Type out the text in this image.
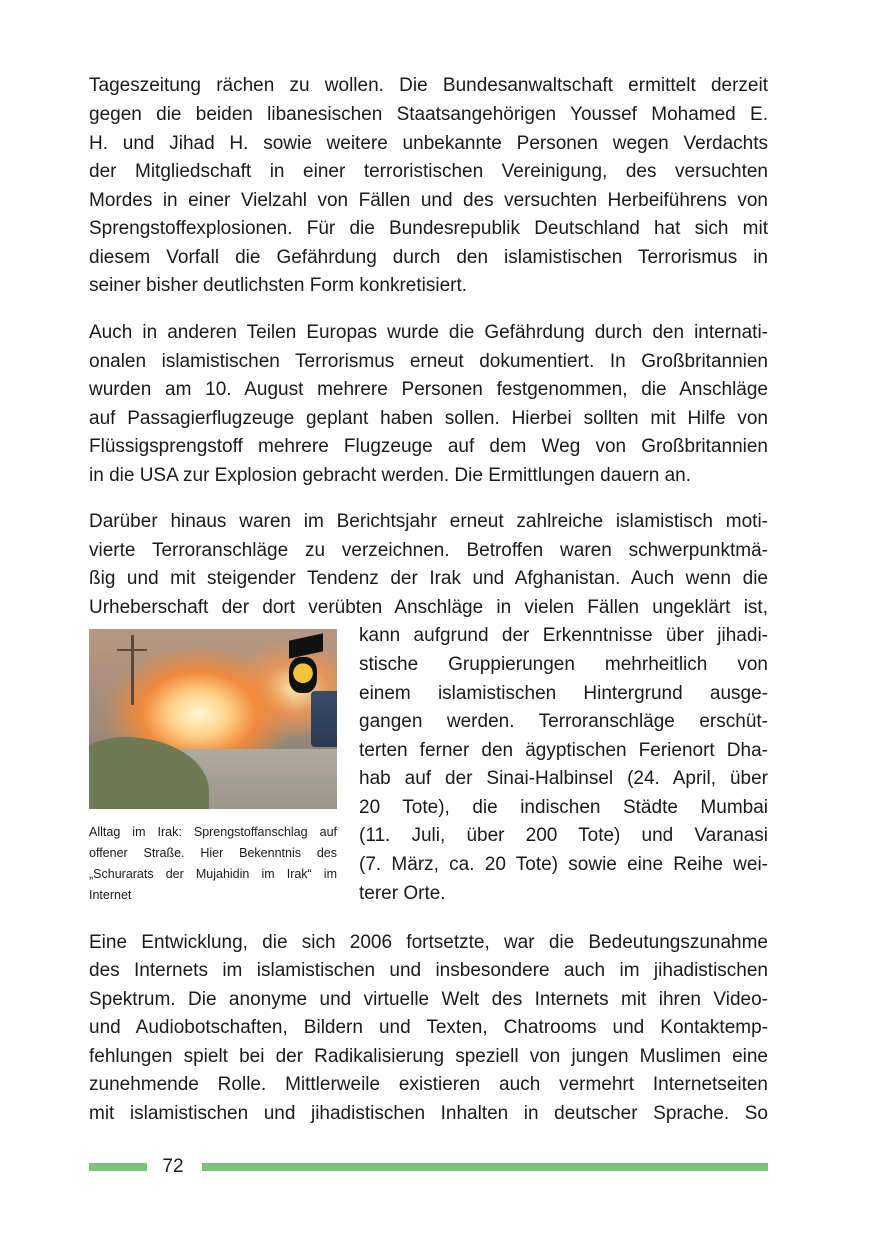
Tageszeitung rächen zu wollen. Die Bundesanwaltschaft ermittelt derzeit
gegen die beiden libanesischen Staatsangehörigen Youssef Mohamed E.
H. und Jihad H. sowie weitere unbekannte Personen wegen Verdachts
der Mitgliedschaft in einer terroristischen Vereinigung, des versuchten
Mordes in einer Vielzahl von Fällen und des versuchten Herbeiführens von
Sprengstoffexplosionen. Für die Bundesrepublik Deutschland hat sich mit
diesem Vorfall die Gefährdung durch den islamistischen Terrorismus in
seiner bisher deutlichsten Form konkretisiert.
Auch in anderen Teilen Europas wurde die Gefährdung durch den internati-
onalen islamistischen Terrorismus erneut dokumentiert. In Großbritannien
wurden am 10. August mehrere Personen festgenommen, die Anschläge
auf Passagierflugzeuge geplant haben sollen. Hierbei sollten mit Hilfe von
Flüssigsprengstoff mehrere Flugzeuge auf dem Weg von Großbritannien
in die USA zur Explosion gebracht werden. Die Ermittlungen dauern an.
Darüber hinaus waren im Berichtsjahr erneut zahlreiche islamistisch moti-
vierte Terroranschläge zu verzeichnen. Betroffen waren schwerpunktmä-
ßig und mit steigender Tendenz der Irak und Afghanistan. Auch wenn die
Urheberschaft der dort verübten Anschläge in vielen Fällen ungeklärt ist,
kann aufgrund der Erkenntnisse über jihadi-
stische Gruppierungen mehrheitlich von
einem islamistischen Hintergrund ausge-
gangen werden. Terroranschläge erschüt-
terten ferner den ägyptischen Ferienort Dha-
hab auf der Sinai-Halbinsel (24. April, über
20 Tote), die indischen Städte Mumbai
(11. Juli, über 200 Tote) und Varanasi
(7. März, ca. 20 Tote) sowie eine Reihe wei-
terer Orte.
Alltag im Irak: Sprengstoffanschlag auf
offener Straße. Hier Bekenntnis des
„Schurarats der Mujahidin im Irak“ im
Internet
Eine Entwicklung, die sich 2006 fortsetzte, war die Bedeutungszunahme
des Internets im islamistischen und insbesondere auch im jihadistischen
Spektrum. Die anonyme und virtuelle Welt des Internets mit ihren Video-
und Audiobotschaften, Bildern und Texten, Chatrooms und Kontaktemp-
fehlungen spielt bei der Radikalisierung speziell von jungen Muslimen eine
zunehmende Rolle. Mittlerweile existieren auch vermehrt Internetseiten
mit islamistischen und jihadistischen Inhalten in deutscher Sprache. So
72
